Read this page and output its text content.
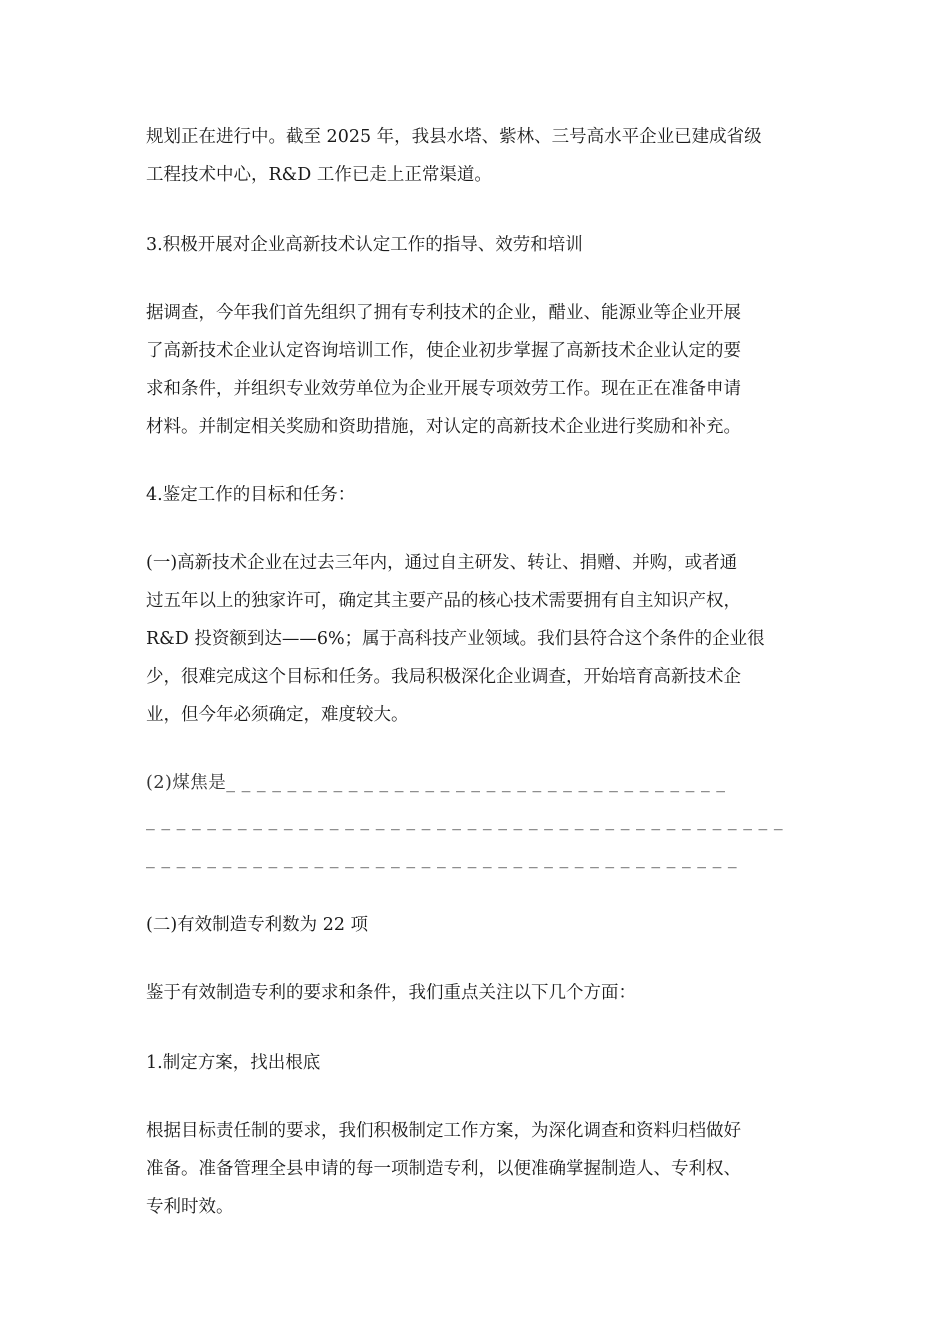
规划正在进行中。截至 2025 年，我县水塔、紫林、三号高水平企业已建成省级
工程技术中心，R&D 工作已走上正常渠道。

3.积极开展对企业高新技术认定工作的指导、效劳和培训

据调查，今年我们首先组织了拥有专利技术的企业，醋业、能源业等企业开展
了高新技术企业认定咨询培训工作，使企业初步掌握了高新技术企业认定的要
求和条件，并组织专业效劳单位为企业开展专项效劳工作。现在正在准备申请
材料。并制定相关奖励和资助措施，对认定的高新技术企业进行奖励和补充。

4.鉴定工作的目标和任务：

(一)高新技术企业在过去三年内，通过自主研发、转让、捐赠、并购，或者通
过五年以上的独家许可，确定其主要产品的核心技术需要拥有自主知识产权，
R&D 投资额到达——6%；属于高科技产业领域。我们县符合这个条件的企业很
少，很难完成这个目标和任务。我局积极深化企业调查，开始培育高新技术企
业，但今年必须确定，难度较大。

(2)煤焦是_ _ _ _ _ _ _ _ _ _ _ _ _ _ _ _ _ _ _ _ _ _ _ _ _ _ _ _ _ _ _ _ _
_ _ _ _ _ _ _ _ _ _ _ _ _ _ _ _ _ _ _ _ _ _ _ _ _ _ _ _ _ _ _ _ _ _ _ _ _ _ _ _ _ _
_ _ _ _ _ _ _ _ _ _ _ _ _ _ _ _ _ _ _ _ _ _ _ _ _ _ _ _ _ _ _ _ _ _ _ _ _ _ _

(二)有效制造专利数为 22 项

鉴于有效制造专利的要求和条件，我们重点关注以下几个方面：

1.制定方案，找出根底

根据目标责任制的要求，我们积极制定工作方案，为深化调查和资料归档做好
准备。准备管理全县申请的每一项制造专利，以便准确掌握制造人、专利权、
专利时效。
